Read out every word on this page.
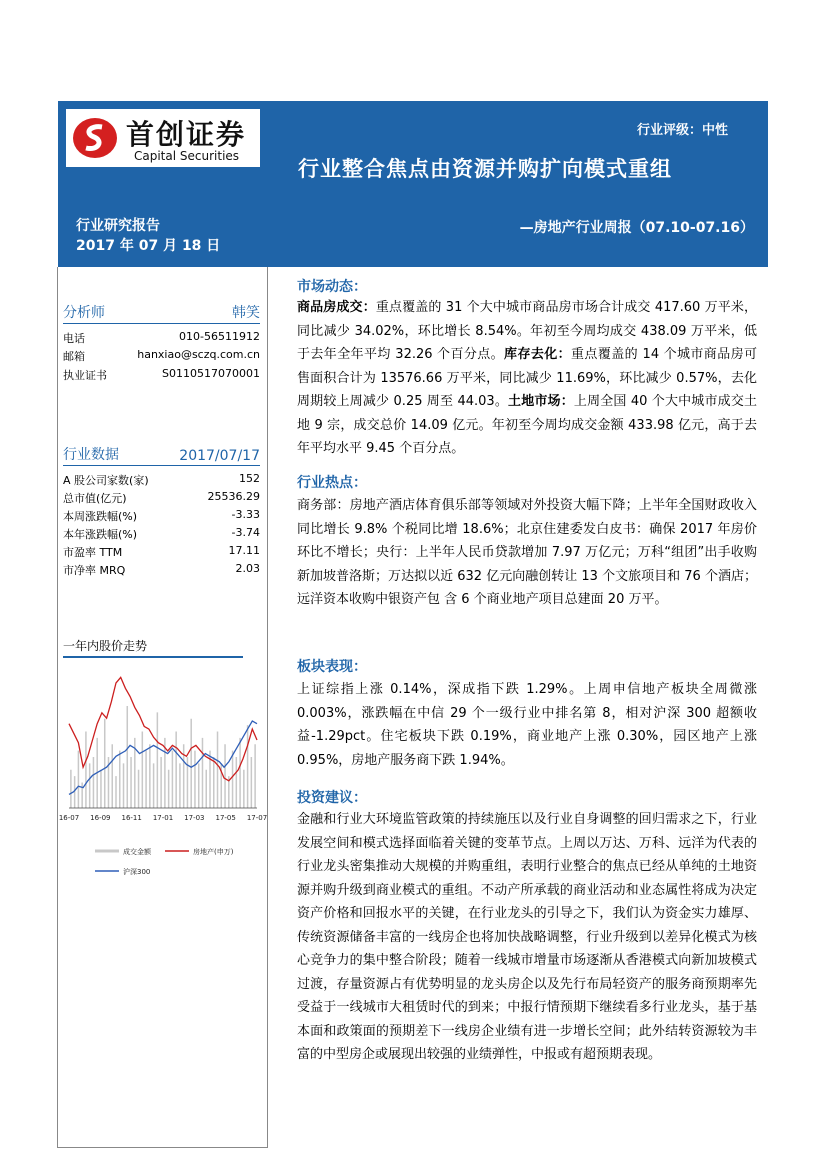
首创证券
Capital Securities
行业评级：中性
行业整合焦点由资源并购扩向模式重组
行业研究报告
2017 年 07 月 18 日
—房地产行业周报（07.10-07.16）
分析师	韩笑
电话	010-56511912
邮箱	hanxiao@sczq.com.cn
执业证书	S0110517070001
行业数据	2017/07/17
A 股公司家数(家)	152
总市值(亿元)	25536.29
本周涨跌幅(%)	-3.33
本年涨跌幅(%)	-3.74
市盈率 TTM	17.11
市净率 MRQ	2.03
一年内股价走势
16-07 16-09 16-11 17-01 17-03 17-05 17-07
成交金额	房地产(申万)
沪深300
市场动态：
商品房成交：重点覆盖的 31 个大中城市商品房市场合计成交 417.60 万平米，同比减少 34.02%，环比增长 8.54%。年初至今周均成交 438.09 万平米，低于去年全年平均 32.26 个百分点。库存去化：重点覆盖的 14 个城市商品房可售面积合计为 13576.66 万平米，同比减少 11.69%，环比减少 0.57%，去化周期较上周减少 0.25 周至 44.03。土地市场：上周全国 40 个大中城市成交土地 9 宗，成交总价 14.09 亿元。年初至今周均成交金额 433.98 亿元，高于去年平均水平 9.45 个百分点。
行业热点：
商务部：房地产酒店体育俱乐部等领域对外投资大幅下降；上半年全国财政收入同比增长 9.8% 个税同比增 18.6%；北京住建委发白皮书：确保 2017 年房价环比不增长；央行：上半年人民币贷款增加 7.97 万亿元；万科“组团”出手收购新加坡普洛斯；万达拟以近 632 亿元向融创转让 13 个文旅项目和 76 个酒店；远洋资本收购中银资产包 含 6 个商业地产项目总建面 20 万平。
板块表现：
上证综指上涨 0.14%，深成指下跌 1.29%。上周申信地产板块全周微涨 0.003%，涨跌幅在中信 29 个一级行业中排名第 8，相对沪深 300 超额收益-1.29pct。住宅板块下跌 0.19%，商业地产上涨 0.30%，园区地产上涨 0.95%，房地产服务商下跌 1.94%。
投资建议：
金融和行业大环境监管政策的持续施压以及行业自身调整的回归需求之下，行业发展空间和模式选择面临着关键的变革节点。上周以万达、万科、远洋为代表的行业龙头密集推动大规模的并购重组，表明行业整合的焦点已经从单纯的土地资源并购升级到商业模式的重组。不动产所承载的商业活动和业态属性将成为决定资产价格和回报水平的关键，在行业龙头的引导之下，我们认为资金实力雄厚、传统资源储备丰富的一线房企也将加快战略调整，行业升级到以差异化模式为核心竞争力的集中整合阶段；随着一线城市增量市场逐渐从香港模式向新加坡模式过渡，存量资源占有优势明显的龙头房企以及先行布局轻资产的服务商预期率先受益于一线城市大租赁时代的到来；中报行情预期下继续看多行业龙头，基于基本面和政策面的预期差下一线房企业绩有进一步增长空间；此外结转资源较为丰富的中型房企或展现出较强的业绩弹性，中报或有超预期表现。
